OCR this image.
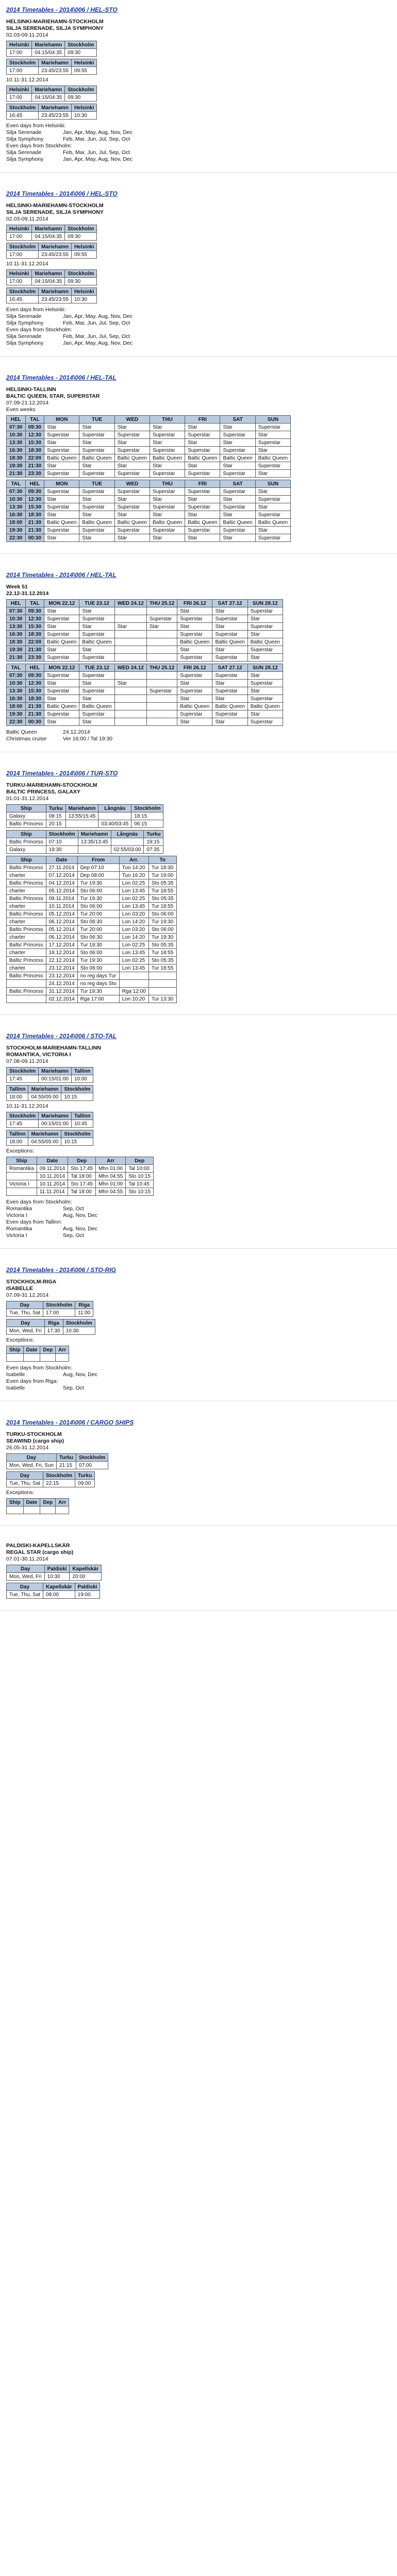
2014 Timetables - 2014\006 / HEL-STO
HELSINKI-MARIEHAMN-STOCKHOLM
SILJA SERENADE, SILJA SYMPHONY
02.03-09.11.2014
Helsinki	Mariehamn	Stockholm
17:00	04:15/04:35	09:30
Stockholm	Mariehamn	Helsinki
17:00	23:45/23:55	09:55
10.11-31.12.2014
Helsinki	Mariehamn	Stockholm
17:00	04:15/04:35	09:30
Stockholm	Mariehamn	Helsinki
16:45	23:45/23:55	10:30
Even days from Helsinki:
Silja Serenade	Jan, Apr, May, Aug, Nov, Dec
Silja Symphony	Feb, Mar, Jun, Jul, Sep, Oct
Even days from Stockholm:
Silja Serenade	Feb, Mar, Jun, Jul, Sep, Oct
Silja Symphony	Jan, Apr, May, Aug, Nov, Dec
2014 Timetables - 2014\006 / HEL-STO
HELSINKI-MARIEHAMN-STOCKHOLM
SILJA SERENADE, SILJA SYMPHONY
02.03-09.11.2014
Helsinki	Mariehamn	Stockholm
17:00	04:15/04:35	09:30
Stockholm	Mariehamn	Helsinki
17:00	23:45/23:55	09:55
10.11-31.12.2014
Helsinki	Mariehamn	Stockholm
17:00	04:15/04:35	09:30
Stockholm	Mariehamn	Helsinki
16:45	23:45/23:55	10:30
Even days from Helsinki:
Silja Serenade	Jan, Apr, May, Aug, Nov, Dec
Silja Symphony	Feb, Mar, Jun, Jul, Sep, Oct
Even days from Stockholm:
Silja Serenade	Feb, Mar, Jun, Jul, Sep, Oct
Silja Symphony	Jan, Apr, May, Aug, Nov, Dec
2014 Timetables - 2014\006 / HEL-TAL
HELSINKI-TALLINN
BALTIC QUEEN, STAR, SUPERSTAR
07.09-21.12.2014
Even weeks
HEL	TAL	MON	TUE	WED	THU	FRI	SAT	SUN
07:30	09:30	Star	Star	Star	Star	Star	Star	Superstar
10:30	12:30	Superstar	Superstar	Superstar	Superstar	Superstar	Superstar	Star
13:30	15:30	Star	Star	Star	Star	Star	Star	Superstar
16:30	18:30	Superstar	Superstar	Superstar	Superstar	Superstar	Superstar	Star
18:30	22:00	Baltic Queen	Baltic Queen	Baltic Queen	Baltic Queen	Baltic Queen	Baltic Queen	Baltic Queen
19:30	21:30	Star	Star	Star	Star	Star	Star	Superstar
21:30	23:30	Superstar	Superstar	Superstar	Superstar	Superstar	Superstar	Star
TAL	HEL	MON	TUE	WED	THU	FRI	SAT	SUN
07:30	09:30	Superstar	Superstar	Superstar	Superstar	Superstar	Superstar	Star
10:30	12:30	Star	Star	Star	Star	Star	Star	Superstar
13:30	15:30	Superstar	Superstar	Superstar	Superstar	Superstar	Superstar	Star
16:30	18:30	Star	Star	Star	Star	Star	Star	Superstar
18:00	21:30	Baltic Queen	Baltic Queen	Baltic Queen	Baltic Queen	Baltic Queen	Baltic Queen	Baltic Queen
19:30	21:30	Superstar	Superstar	Superstar	Superstar	Superstar	Superstar	Star
22:30	00:30	Star	Star	Star	Star	Star	Star	Superstar
2014 Timetables - 2014\006 / HEL-TAL
Week 51
22.12-31.12.2014
HEL	TAL	MON 22.12	TUE 23.12	WED 24.12	THU 25.12	FRI 26.12	SAT 27.12	SUN 28.12
07:30	09:30	Star	Star			Star	Star	Superstar
10:30	12:30	Superstar	Superstar		Superstar	Superstar	Superstar	Star
13:30	15:30	Star	Star	Star	Star	Star	Star	Superstar
16:30	18:30	Superstar	Superstar			Superstar	Superstar	Star
18:30	22:00	Baltic Queen	Baltic Queen			Baltic Queen	Baltic Queen	Baltic Queen
19:30	21:30	Star	Star			Star	Star	Superstar
21:30	23:30	Superstar	Superstar			Superstar	Superstar	Star
TAL	HEL	MON 22.12	TUE 23.12	WED 24.12	THU 25.12	FRI 26.12	SAT 27.12	SUN 28.12
07:30	09:30	Superstar	Superstar			Superstar	Superstar	Star
10:30	12:30	Star	Star	Star		Star	Star	Superstar
13:30	15:30	Superstar	Superstar		Superstar	Superstar	Superstar	Star
16:30	18:30	Star	Star			Star	Star	Superstar
18:00	21:30	Baltic Queen	Baltic Queen			Baltic Queen	Baltic Queen	Baltic Queen
19:30	21:30	Superstar	Superstar			Superstar	Superstar	Star
22:30	00:30	Star	Star			Star	Star	Superstar
Baltic Queen	24.12.2014
Christmas cruise	Ver 16:00 / Tal 19:30
2014 Timetables - 2014\006 / TUR-STO
TURKU-MARIEHAMN-STOCKHOLM
BALTIC PRINCESS, GALAXY
01.01-31.12.2014
Ship	Turku	Mariehamn	Långnäs	Stockholm
Galaxy	08:15	13:55/15:45		18:15
Baltic Princess	20:15		03:40/03:45	06:15
Ship	Stockholm	Mariehamn	Långnäs	Turku
Baltic Princess	07:10	13:35/13:45		19:15
Galaxy	19:30		02:55/03:00	07:35
Ship	Date	From	Arr.	To
Baltic Princess	27.11.2014	Dep 07:10	Tuo 14:20	Tur 18:30
charter	07.12.2014	Dep 08:00	Tuo 16:20	Tur 19:00
Baltic Princess	04.12.2014	Tur 19:30	Lon 02:25	Sto 05:35
charter	05.12.2014	Sto 06:00	Lon 13:45	Tur 18:55
Baltic Princess	09.11.2014	Tur 19:30	Lon 02:25	Sto 05:35
charter	10.11.2014	Sto 06:00	Lon 13:45	Tur 18:55
Baltic Princess	05.12.2014	Tur 20:00	Lon 03:20	Sto 06:00
charter	06.12.2014	Sto 06:30	Lon 14:20	Tur 19:30
Baltic Princess	05.12.2014	Tur 20:00	Lon 03:20	Sto 06:00
charter	06.12.2014	Sto 06:30	Lon 14:20	Tur 19:30
Baltic Princess	17.12.2014	Tur 19:30	Lon 02:25	Sto 05:35
charter	18.12.2014	Sto 06:00	Lon 13:45	Tur 18:55
Baltic Princess	22.12.2014	Tur 19:30	Lon 02:25	Sto 05:35
charter	23.12.2014	Sto 06:00	Lon 13:45	Tur 18:55
Baltic Princess	23.12.2014	no reg days Tur		
	24.12.2014	no reg days Sto		
Baltic Princess	31.12.2014	Tur 19:30	Rga 12:00	
	02.12.2014	Rga 17:00	Lon 10:20	Tur 13:30
2014 Timetables - 2014\006 / STO-TAL
STOCKHOLM-MARIEHAMN-TALLINN
ROMANTIKA, VICTORIA I
07.08-09.11.2014
Stockholm	Mariehamn	Tallinn
17:45	00:15/01:00	10:00
Tallinn	Mariehamn	Stockholm
18:00	04:55/05:00	10:15
10.11-31.12.2014
Stockholm	Mariehamn	Tallinn
17:45	00:15/01:00	10:45
Tallinn	Mariehamn	Stockholm
18:00	04:55/05:00	10:15
Exceptions:
Ship	Date	Dep	Arr	Dep
Romantika	09.11.2014	Sto 17:45	Mhn 01:00	Tal 10:00
	10.11.2014	Tal 18:00	Mhn 04:55	Sto 10:15
Victoria I	10.11.2014	Sto 17:45	Mhn 01:00	Tal 10:45
	11.11.2014	Tal 18:00	Mhn 04:55	Sto 10:15
Even days from Stockholm:
Romantika	Sep, Oct
Victoria I	Aug, Nov, Dec
Even days from Tallinn:
Romantika	Aug, Nov, Dec
Victoria I	Sep, Oct
2014 Timetables - 2014\006 / STO-RIG
STOCKHOLM-RIGA
ISABELLE
07.09-31.12.2014
Day	Stockholm	Riga
Tue, Thu, Sat	17:00	11:00
Day	Riga	Stockholm
Mon, Wed, Fri	17:30	10:30
Exceptions:
Ship	Date	Dep	Arr

Even days from Stockholm:
Isabelle	Aug, Nov, Dec
Even days from Riga:
Isabelle	Sep, Oct
2014 Timetables - 2014\006 / CARGO SHIPS
TURKU-STOCKHOLM
SEAWIND (cargo ship)
26.05-31.12.2014
Day	Turku	Stockholm
Mon, Wed, Fri, Sun	21:15	07:00
Day	Stockholm	Turku
Tue, Thu, Sat	22:15	09:00
Exceptions:
Ship	Date	Dep	Arr

PALDISKI-KAPELLSKÄR
REGAL STAR (cargo ship)
07.01-30.11.2014
Day	Paldiski	Kapellskär
Mon, Wed, Fri	10:30	20:00
Day	Kapellskär	Paldiski
Tue, Thu, Sat	08:00	19:00
